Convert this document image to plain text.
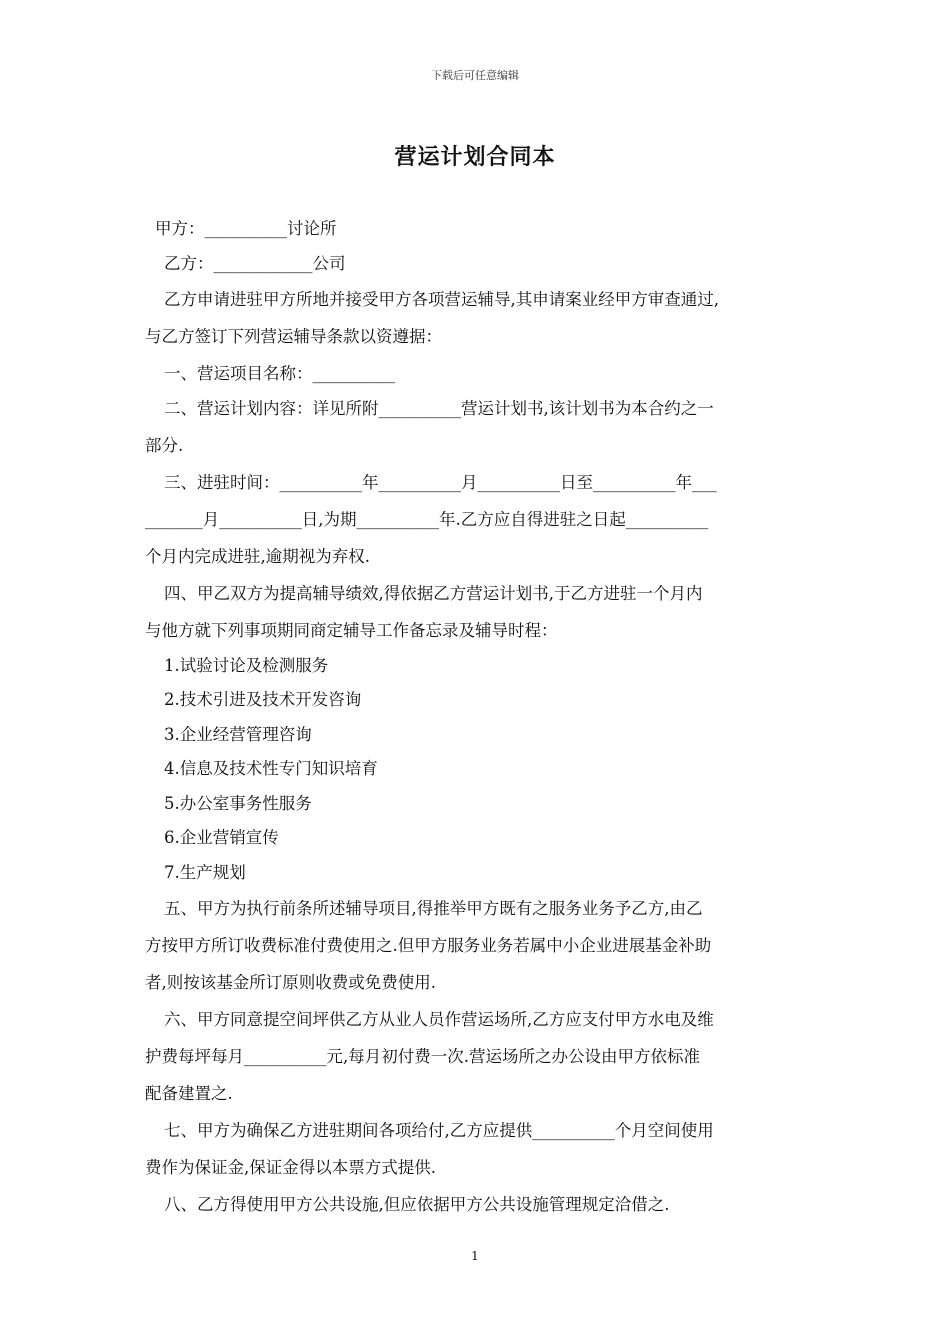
下载后可任意编辑
营运计划合同本
甲方：__________讨论所
乙方：____________公司
乙方申请进驻甲方所地并接受甲方各项营运辅导,其申请案业经甲方审查通过,
与乙方签订下列营运辅导条款以资遵据：
一、营运项目名称：__________
二、营运计划内容：详见所附__________营运计划书,该计划书为本合约之一
部分.
三、进驻时间：__________年__________月__________日至__________年___
_______月__________日,为期__________年.乙方应自得进驻之日起__________
个月内完成进驻,逾期视为弃权.
四、甲乙双方为提高辅导绩效,得依据乙方营运计划书,于乙方进驻一个月内
与他方就下列事项期同商定辅导工作备忘录及辅导时程：
1.试验讨论及检测服务
2.技术引进及技术开发咨询
3.企业经营管理咨询
4.信息及技术性专门知识培育
5.办公室事务性服务
6.企业营销宣传
7.生产规划
五、甲方为执行前条所述辅导项目,得推举甲方既有之服务业务予乙方,由乙
方按甲方所订收费标准付费使用之.但甲方服务业务若属中小企业进展基金补助
者,则按该基金所订原则收费或免费使用.
六、甲方同意提空间坪供乙方从业人员作营运场所,乙方应支付甲方水电及维
护费每坪每月__________元,每月初付费一次.营运场所之办公设由甲方依标准
配备建置之.
七、甲方为确保乙方进驻期间各项给付,乙方应提供__________个月空间使用
费作为保证金,保证金得以本票方式提供.
八、乙方得使用甲方公共设施,但应依据甲方公共设施管理规定洽借之.
1
